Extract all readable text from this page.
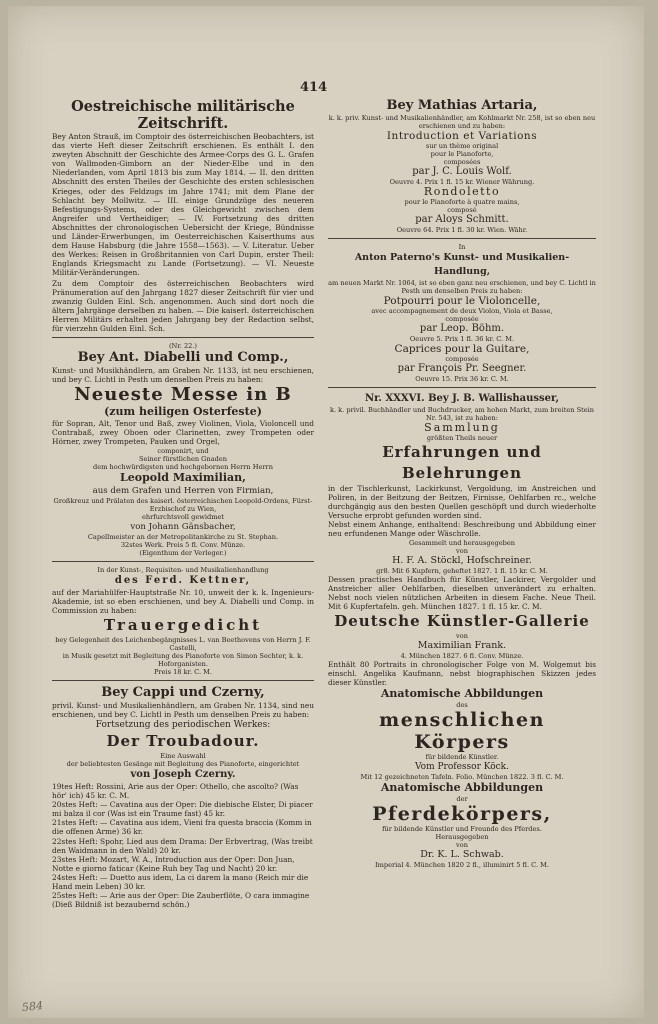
414

Oestreichische militärische Zeitschrift.

Bey Anton Strauß, im Comptoir des österreichischen Beobachters, ist das vierte Heft dieser Zeitschrift erschienen. Es enthält I. den zweyten Abschnitt der Geschichte des Armee-Corps des G. L. Grafen von Wallmoden-Gimborn an der Nieder-Elbe und in den Niederlanden, vom April 1813 bis zum May 1814. — II. den dritten Abschnitt des ersten Theiles der Geschichte des ersten schlesischen Krieges, oder des Feldzugs im Jahre 1741; mit dem Plane der Schlacht bey Mollwitz. — III. einige Grundzüge des neueren Befestigungs-Systems, oder des Gleichgewicht zwischen dem Angreifer und Vertheidiger; — IV. Fortsetzung des dritten Abschnittes der chronologischen Uebersicht der Kriege, Bündnisse und Länder-Erwerbungen, im Oesterreichischen Kaiserthums aus dem Hause Habsburg (die Jahre 1558—1563). — V. Literatur. Ueber des Werkes: Reisen in Großbritannien von Carl Dupin, erster Theil: Englands Kriegsmacht zu Lande (Fortsetzung). — VI. Neueste Militär-Veränderungen.

Zu dem Comptoir des österreichischen Beobachters wird Pränumeration auf den Jahrgang 1827 dieser Zeitschrift für vier und zwanzig Gulden Einl. Sch. angenommen. Auch sind dort noch die ältern Jahrgänge derselben zu haben. — Die kaiserl. österreichischen Herren Militärs erhalten jeden Jahrgang bey der Redaction selbst, für vierzehn Gulden Einl. Sch.

(Nr. 22.)

Bey Ant. Diabelli und Comp.,

Kunst- und Musikhändlern, am Graben Nr. 1133, ist neu erschienen, und bey C. Lichtl in Pesth um denselben Preis zu haben:

Neueste Messe in B

(zum heiligen Osterfeste)

für Sopran, Alt, Tenor und Baß, zwey Violinen, Viola, Violoncell und Contrabaß, zwey Oboen oder Clarinetten, zwey Trompeten oder Hörner, zwey Trompeten, Pauken und Orgel,

componirt, und

Seiner fürstlichen Gnaden

dem hochwürdigsten und hochgebornen Herrn Herrn

Leopold Maximilian,

aus dem Grafen und Herren von Firmian,

Großkreuz und Prälaten des kaiserl. österreichischen Leopold-Ordens, Fürst-Erzbischof zu Wien,

ehrfurchtsvoll gewidmet

von Johann Gänsbacher,

Capellmeister an der Metropolitankirche zu St. Stephan.

32stes Werk. Preis 5 fl. Conv. Münze.

(Eigenthum der Verleger.)

In der Kunst-, Requisiten- und Musikalienhandlung

des Ferd. Kettner,

auf der Mariahülfer-Hauptstraße Nr. 10, unweit der k. k. Ingenieurs-Akademie, ist so eben erschienen, und bey A. Diabelli und Comp. in Commission zu haben:

Trauergedicht

bey Gelegenheit des Leichenbegängnisses L. van Beethovens von Herrn J. F. Castelli,

in Musik gesetzt mit Begleitung des Pianoforte von Simon Sechter, k. k. Hoforganisten.

Preis 18 kr. C. M.

Bey Cappi und Czerny,

privil. Kunst- und Musikalienhändlern, am Graben Nr. 1134, sind neu erschienen, und bey C. Lichtl in Pesth um denselben Preis zu haben:

Fortsetzung des periodischen Werkes:

Der Troubadour.

Eine Auswahl

der beliebtesten Gesänge mit Begleitung des Pianoforte, eingerichtet

von Joseph Czerny.

19tes Heft: Rossini, Arie aus der Oper: Othello, che ascolto? (Was hör' ich) 45 kr. C. M.

20stes Heft: — Cavatina aus der Oper: Die diebische Elster, Di piacer mi balza il cor (Was ist ein Traume fast) 45 kr.

21stes Heft: — Cavatina aus idem, Vieni fra questa braccia (Komm in die offenen Arme) 36 kr.

22stes Heft: Spohr, Lied aus dem Drama: Der Erbvertrag, (Was treibt den Waidmann in den Wald) 20 kr.

23stes Heft: Mozart, W. A., Introduction aus der Oper: Don Juan, Notte e giorno faticar (Keine Ruh bey Tag und Nacht) 20 kr.

24stes Heft: — Duetto aus idem, La ci darem la mano (Reich mir die Hand mein Leben) 30 kr.

25stes Heft: — Arie aus der Oper: Die Zauberflöte, O cara immagine (Dieß Bildniß ist bezaubernd schön.)

Bey Mathias Artaria,

k. k. priv. Kunst- und Musikalienhändler, am Kohlmarkt Nr. 258, ist so eben neu erschienen und zu haben:

Introduction et Variations

sur un thème original

pour le Pianoforte,

composées

par J. C. Louis Wolf.

Oeuvre 4. Prix 1 fl. 15 kr. Wiener Währung.

Rondoletto

pour le Pianoforte à quatre mains,

composé

par Aloys Schmitt.

Oeuvre 64. Prix 1 fl. 30 kr. Wien. Währ.

In

Anton Paterno's Kunst- und Musikalien-Handlung,

am neuen Markt Nr. 1064, ist so eben ganz neu erschienen, und bey C. Lichtl in Pesth um denselben Preis zu haben:

Potpourri pour le Violoncelle,

avec accompagnement de deux Violon, Viola et Basse,

composée

par Leop. Böhm.

Oeuvre 5. Prix 1 fl. 36 kr. C. M.

Caprices pour la Guitare,

composée

par François Pr. Seegner.

Oeuvre 15. Prix 36 kr. C. M.

Nr. XXXVI. Bey J. B. Wallishausser,

k. k. privil. Buchhändler und Buchdrucker, am hohen Markt, zum breiten Stein Nr. 543, ist zu haben:

Sammlung

größten Theils neuer

Erfahrungen und Belehrungen

in der Tischlerkunst, Lackirkunst, Vergoldung, im Anstreichen und Poliren, in der Beitzung der Beitzen, Firnisse, Oehlfarben rc., welche durchgängig aus den besten Quellen geschöpft und durch wiederholte Versuche erprobt gefunden worden sind.

Nebst einem Anhange, enthaltend: Beschreibung und Abbildung einer neu erfundenen Mange oder Wäschrolle.

Gesammelt und herausgegeben

von

H. F. A. Stöckl, Hofschreiner.

gr8. Mit 6 Kupfern, geheftet 1827. 1 fl. 15 kr. C. M.

Dessen practisches Handbuch für Künstler, Lackirer, Vergolder und Anstreicher aller Oehlfarben, dieselben unverändert zu erhalten. Nebst noch vielen nützlichen Arbeiten in diesem Fache. Neue Theil. Mit 6 Kupfertafeln. geh. München 1827. 1 fl. 15 kr. C. M.

Deutsche Künstler-Gallerie

von

Maximilian Frank.

4. München 1827. 6 fl. Conv. Münze.

Enthält 80 Portraits in chronologischer Folge von M. Wolgemut bis einschl. Angelika Kaufmann, nebst biographischen Skizzen jedes dieser Künstler.

Anatomische Abbildungen

des

menschlichen Körpers

für bildende Künstler.

Vom Professor Köck.

Mit 12 gezeichneten Tafeln. Folio. München 1822. 3 fl. C. M.

Anatomische Abbildungen

der

Pferdekörpers,

für bildende Künstler und Freunde des Pferdes.

Herausgegeben

von

Dr. K. L. Schwab.

Imperial 4. München 1820 2 fl., illuminirt 5 fl. C. M.

584
